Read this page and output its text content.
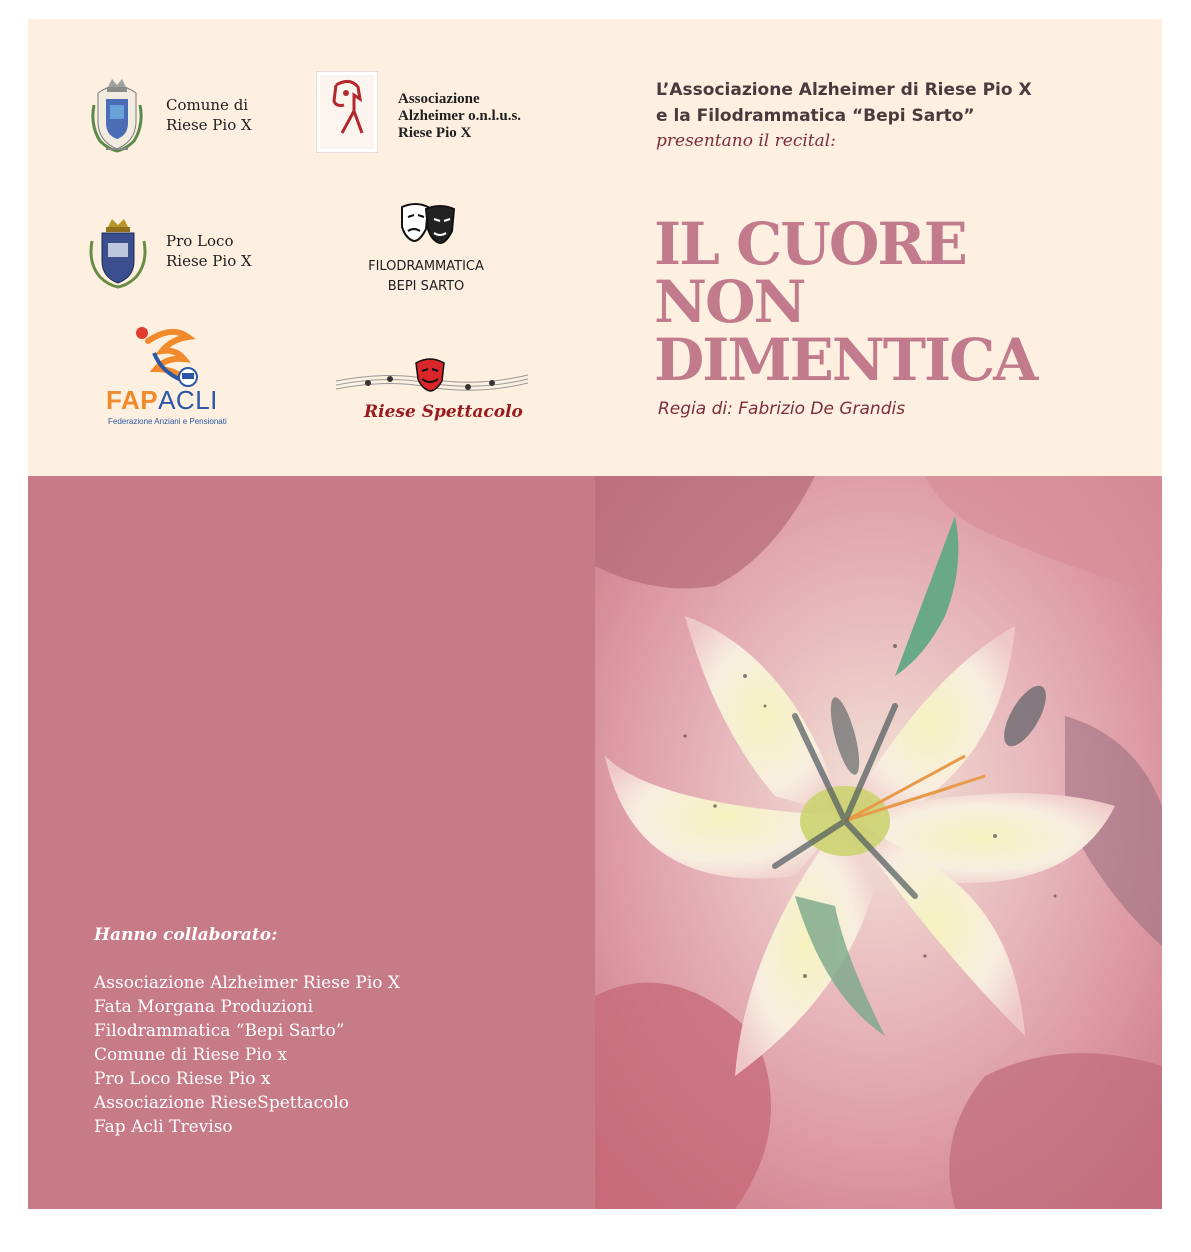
Comune di
Riese Pio X
Associazione
Alzheimer o.n.l.u.s.
Riese Pio X
Pro Loco
Riese Pio X	FILODRAMMATICA
BEPI SARTO
FAPACLI
Federazione Anziani e Pensionati	Riese Spettacolo
L’Associazione Alzheimer di Riese Pio X
e la Filodrammatica “Bepi Sarto”
presentano il recital:
IL CUORE
NON
DIMENTICA
Regia di: Fabrizio De Grandis
Hanno collaborato:
Associazione Alzheimer Riese Pio X
Fata Morgana Produzioni
Filodrammatica “Bepi Sarto”
Comune di Riese Pio x
Pro Loco Riese Pio x
Associazione RieseSpettacolo
Fap Acli Treviso
